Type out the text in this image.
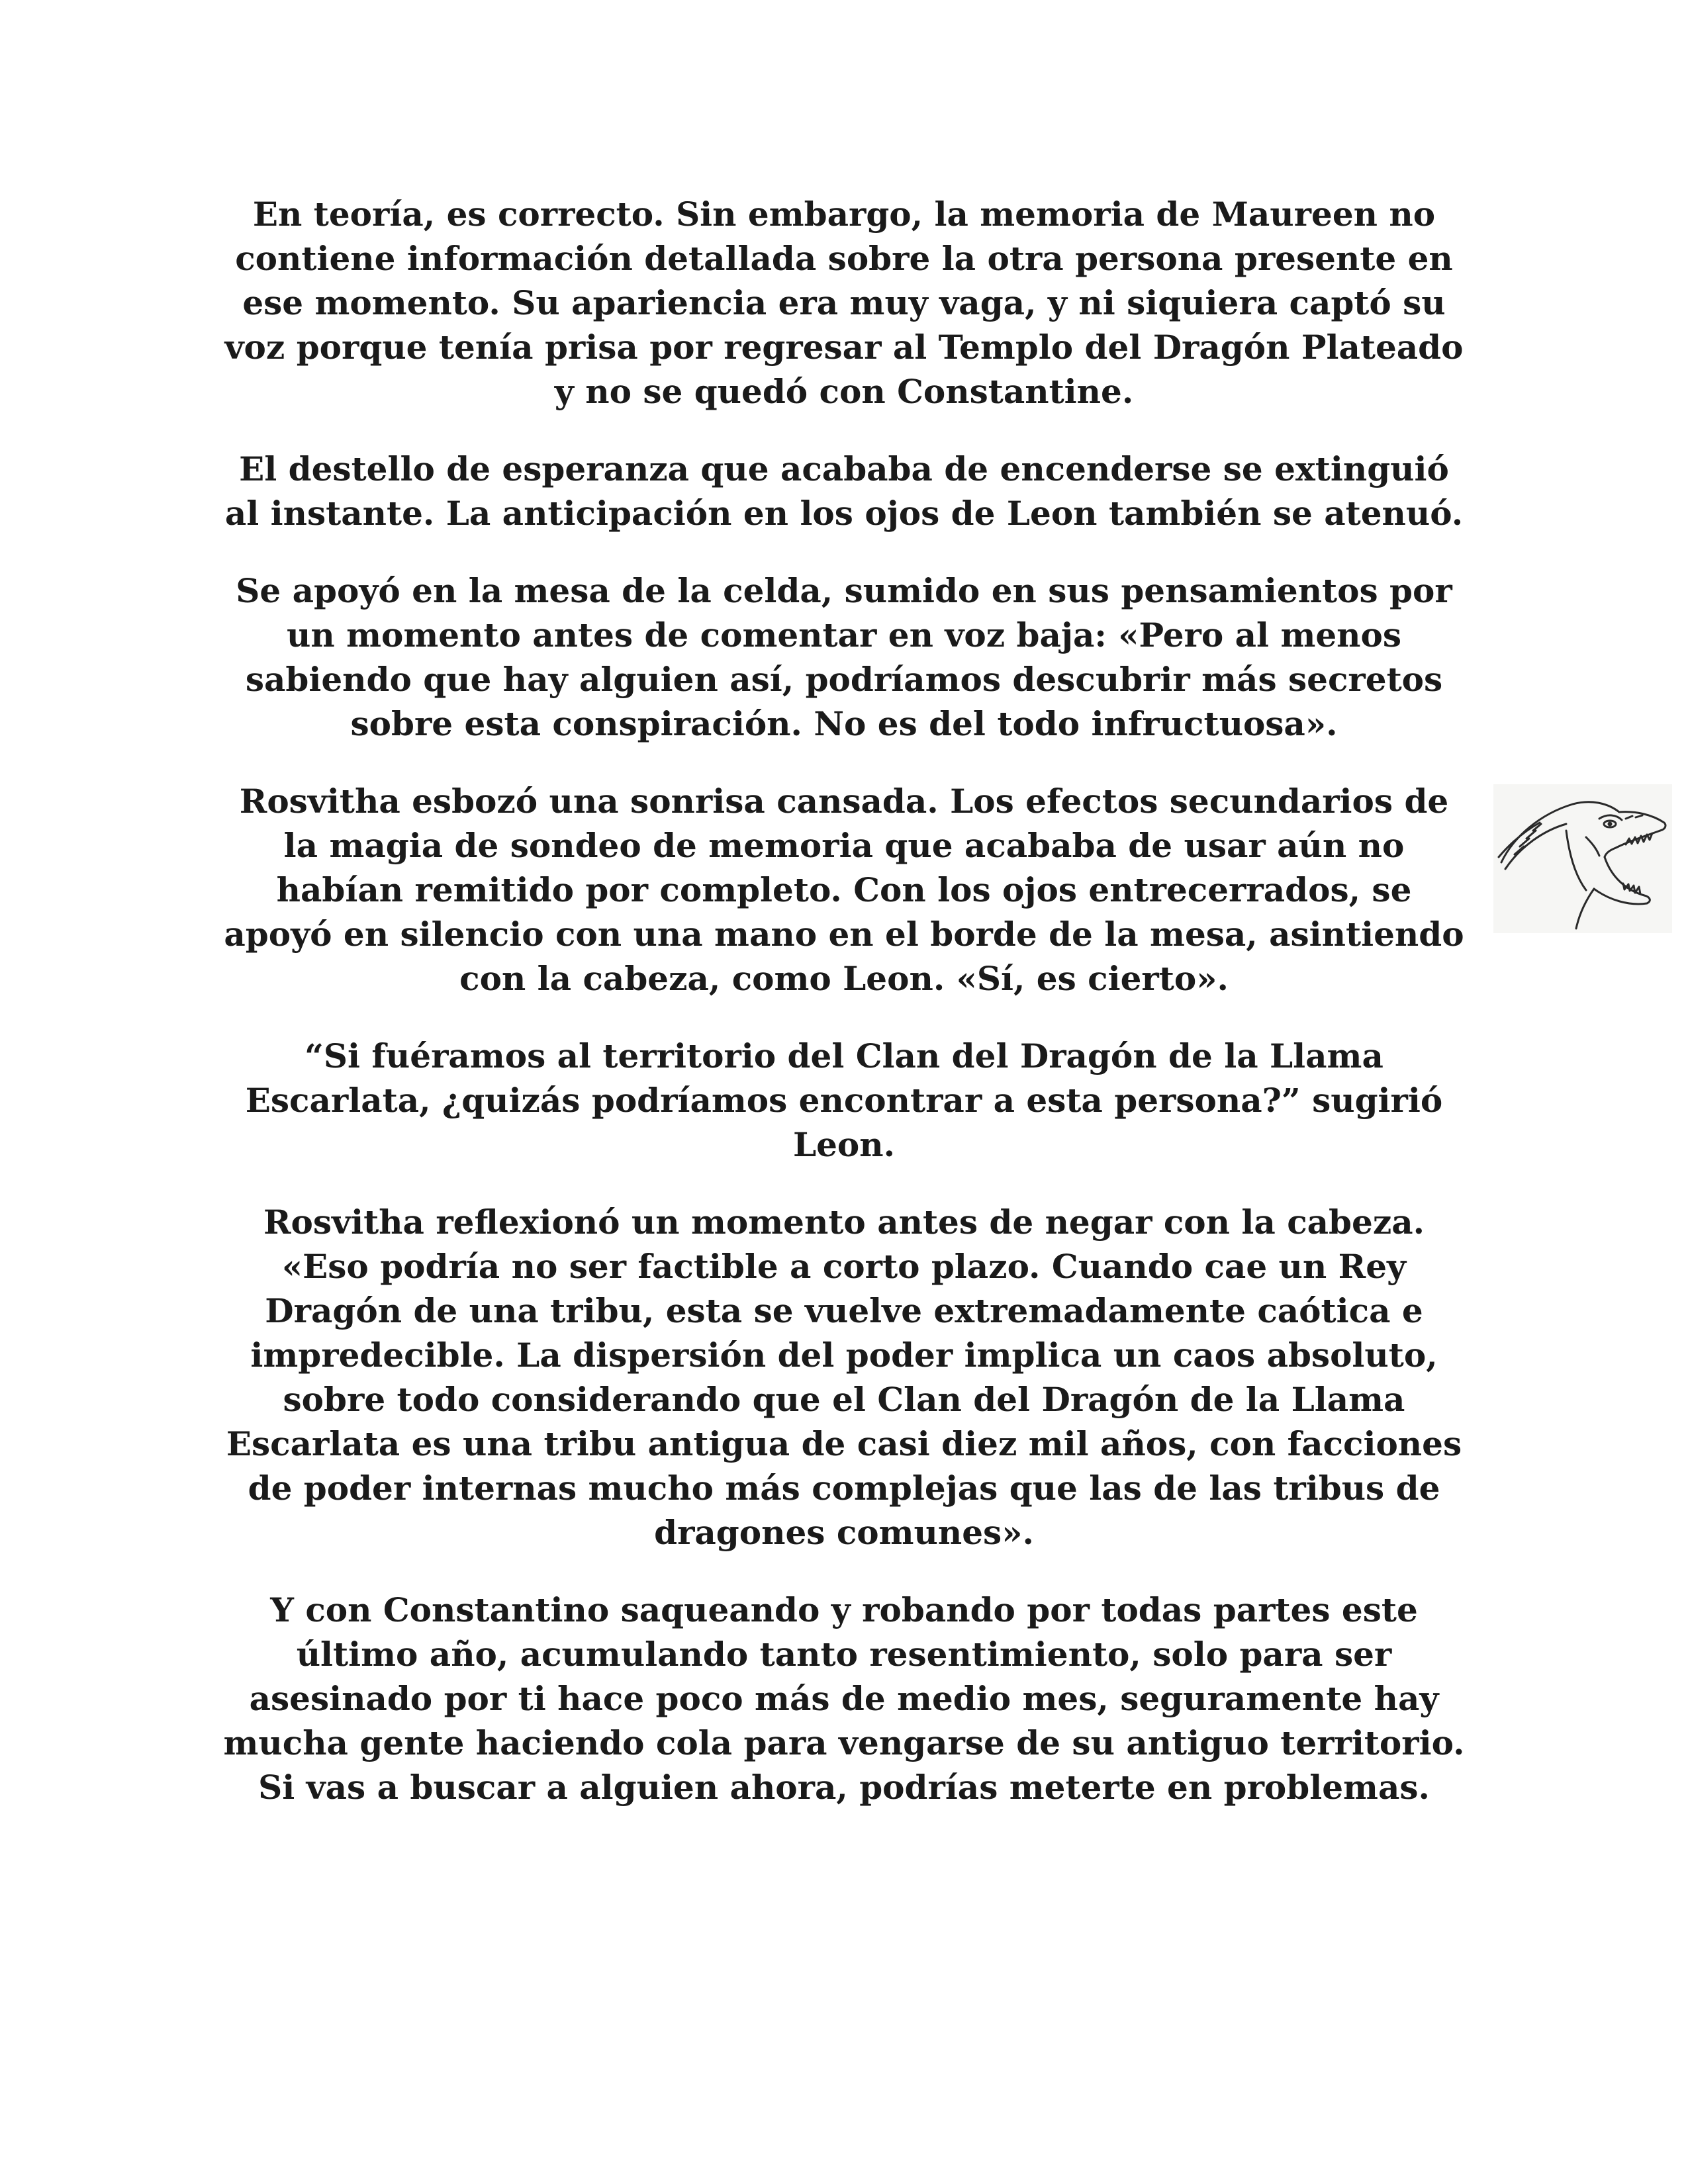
En teoría, es correcto. Sin embargo, la memoria de Maureen no contiene información detallada sobre la otra persona presente en ese momento. Su apariencia era muy vaga, y ni siquiera captó su voz porque tenía prisa por regresar al Templo del Dragón Plateado y no se quedó con Constantine.

El destello de esperanza que acababa de encenderse se extinguió al instante. La anticipación en los ojos de Leon también se atenuó.

Se apoyó en la mesa de la celda, sumido en sus pensamientos por un momento antes de comentar en voz baja: «Pero al menos sabiendo que hay alguien así, podríamos descubrir más secretos sobre esta conspiración. No es del todo infructuosa».

Rosvitha esbozó una sonrisa cansada. Los efectos secundarios de la magia de sondeo de memoria que acababa de usar aún no habían remitido por completo. Con los ojos entrecerrados, se apoyó en silencio con una mano en el borde de la mesa, asintiendo con la cabeza, como Leon. «Sí, es cierto».

“Si fuéramos al territorio del Clan del Dragón de la Llama Escarlata, ¿quizás podríamos encontrar a esta persona?” sugirió Leon.

Rosvitha reflexionó un momento antes de negar con la cabeza. «Eso podría no ser factible a corto plazo. Cuando cae un Rey Dragón de una tribu, esta se vuelve extremadamente caótica e impredecible. La dispersión del poder implica un caos absoluto, sobre todo considerando que el Clan del Dragón de la Llama Escarlata es una tribu antigua de casi diez mil años, con facciones de poder internas mucho más complejas que las de las tribus de dragones comunes».

Y con Constantino saqueando y robando por todas partes este último año, acumulando tanto resentimiento, solo para ser asesinado por ti hace poco más de medio mes, seguramente hay mucha gente haciendo cola para vengarse de su antiguo territorio. Si vas a buscar a alguien ahora, podrías meterte en problemas.
